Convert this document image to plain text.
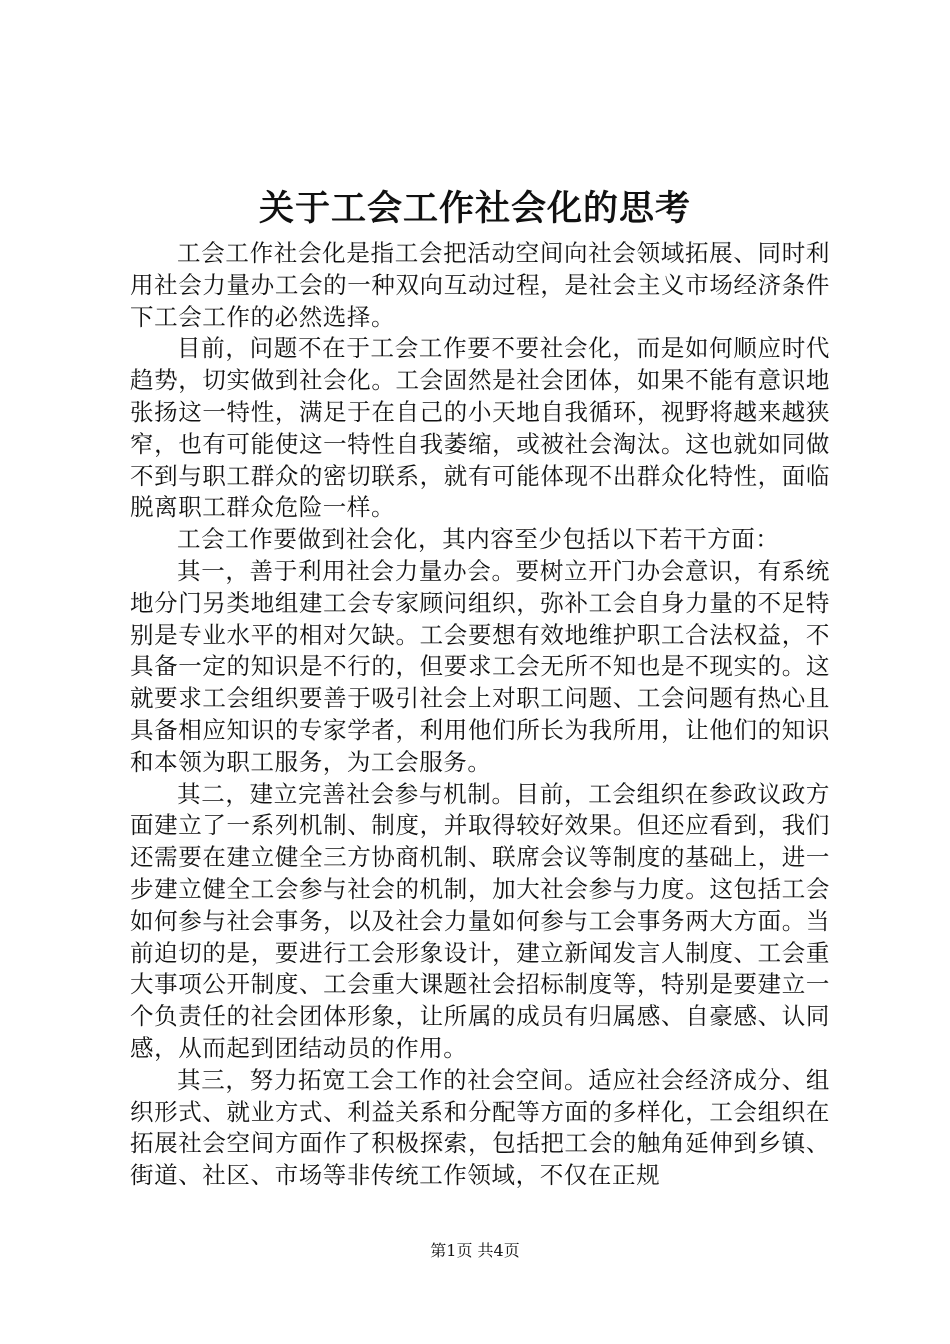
关于工会工作社会化的思考

工会工作社会化是指工会把活动空间向社会领域拓展、同时利用社会力量办工会的一种双向互动过程，是社会主义市场经济条件下工会工作的必然选择。

目前，问题不在于工会工作要不要社会化，而是如何顺应时代趋势，切实做到社会化。工会固然是社会团体，如果不能有意识地张扬这一特性，满足于在自己的小天地自我循环，视野将越来越狭窄，也有可能使这一特性自我萎缩，或被社会淘汰。这也就如同做不到与职工群众的密切联系，就有可能体现不出群众化特性，面临脱离职工群众危险一样。

工会工作要做到社会化，其内容至少包括以下若干方面：

其一，善于利用社会力量办会。要树立开门办会意识，有系统地分门另类地组建工会专家顾问组织，弥补工会自身力量的不足特别是专业水平的相对欠缺。工会要想有效地维护职工合法权益，不具备一定的知识是不行的，但要求工会无所不知也是不现实的。这就要求工会组织要善于吸引社会上对职工问题、工会问题有热心且具备相应知识的专家学者，利用他们所长为我所用，让他们的知识和本领为职工服务，为工会服务。

其二，建立完善社会参与机制。目前，工会组织在参政议政方面建立了一系列机制、制度，并取得较好效果。但还应看到，我们还需要在建立健全三方协商机制、联席会议等制度的基础上，进一步建立健全工会参与社会的机制，加大社会参与力度。这包括工会如何参与社会事务，以及社会力量如何参与工会事务两大方面。当前迫切的是，要进行工会形象设计，建立新闻发言人制度、工会重大事项公开制度、工会重大课题社会招标制度等，特别是要建立一个负责任的社会团体形象，让所属的成员有归属感、自豪感、认同感，从而起到团结动员的作用。

其三，努力拓宽工会工作的社会空间。适应社会经济成分、组织形式、就业方式、利益关系和分配等方面的多样化，工会组织在拓展社会空间方面作了积极探索，包括把工会的触角延伸到乡镇、街道、社区、市场等非传统工作领域，不仅在正规

第1页 共4页
